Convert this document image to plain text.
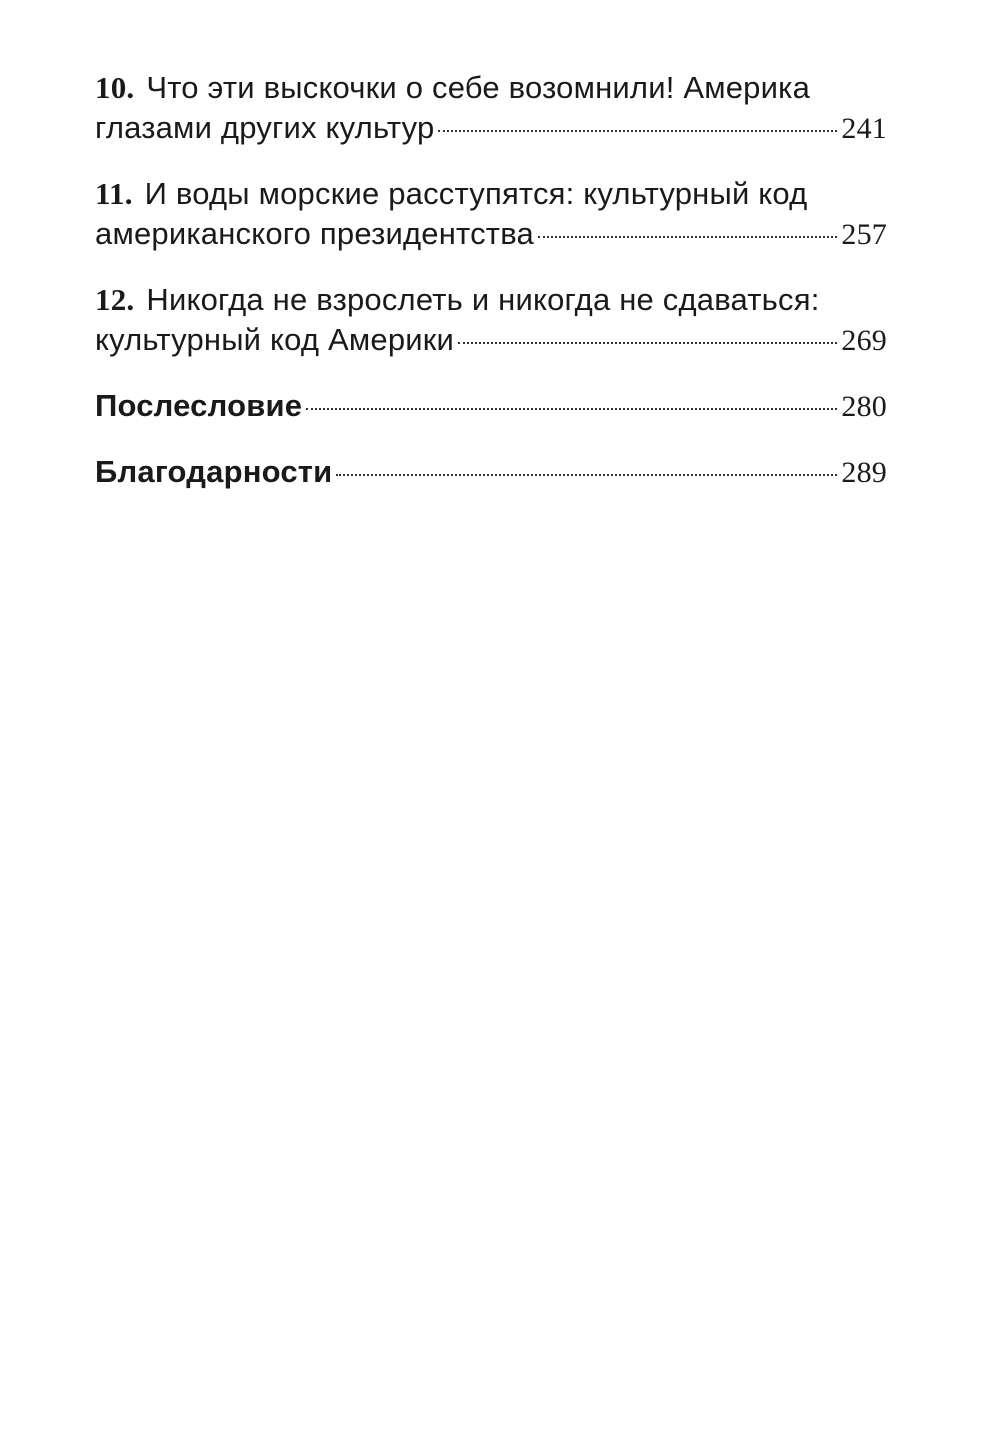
10. Что эти выскочки о себе возомнили! Америка
глазами других культур	241
11. И воды морские расступятся: культурный код
американского президентства	257
12. Никогда не взрослеть и никогда не сдаваться:
культурный код Америки	269
Послесловие	280
Благодарности	289
